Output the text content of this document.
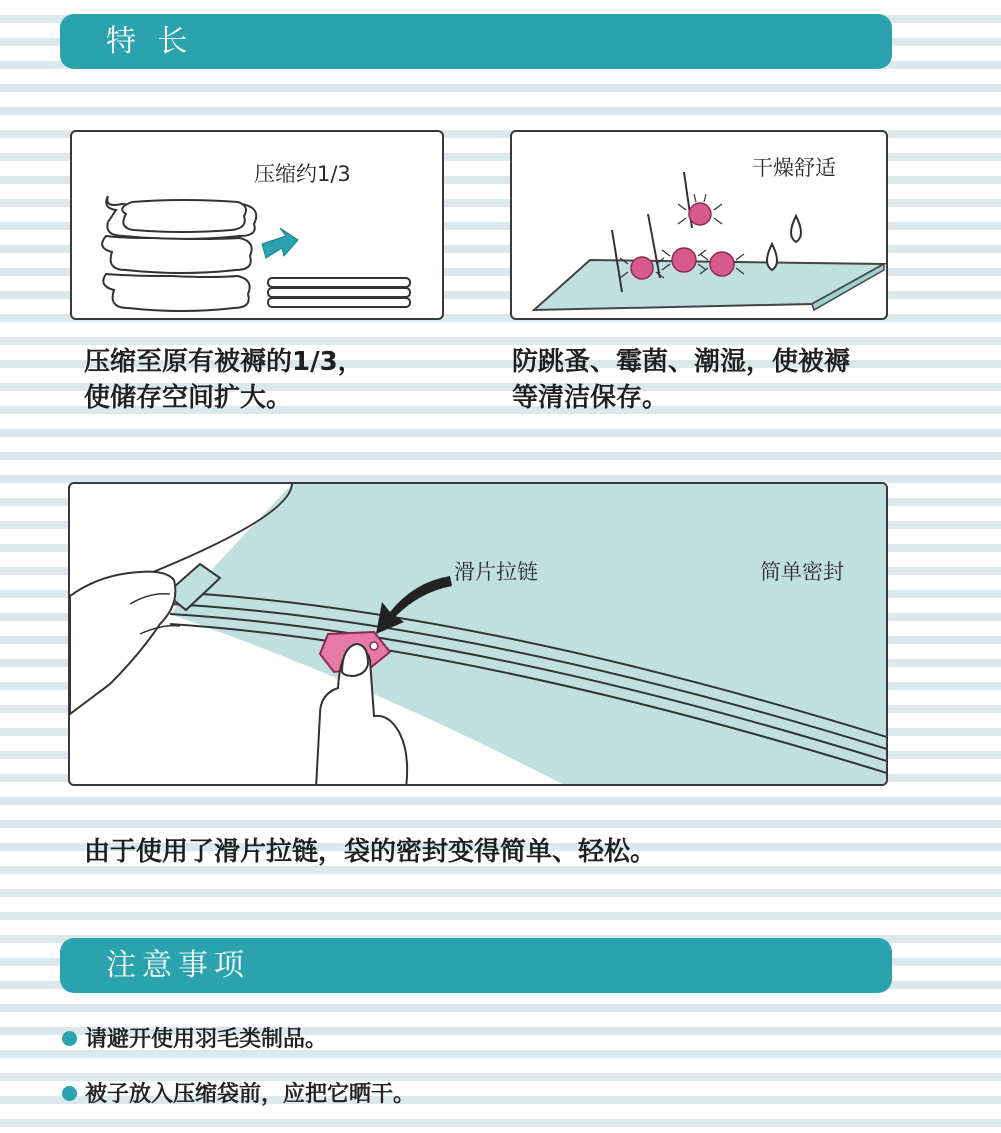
特 长
压缩约1/3
压缩至原有被褥的1/3，
使储存空间扩大。
干燥舒适
防跳蚤、霉菌、潮湿，使被褥
等清洁保存。
滑片拉链	简单密封
由于使用了滑片拉链，袋的密封变得简单、轻松。
注意事项
请避开使用羽毛类制品。
被子放入压缩袋前，应把它晒干。
